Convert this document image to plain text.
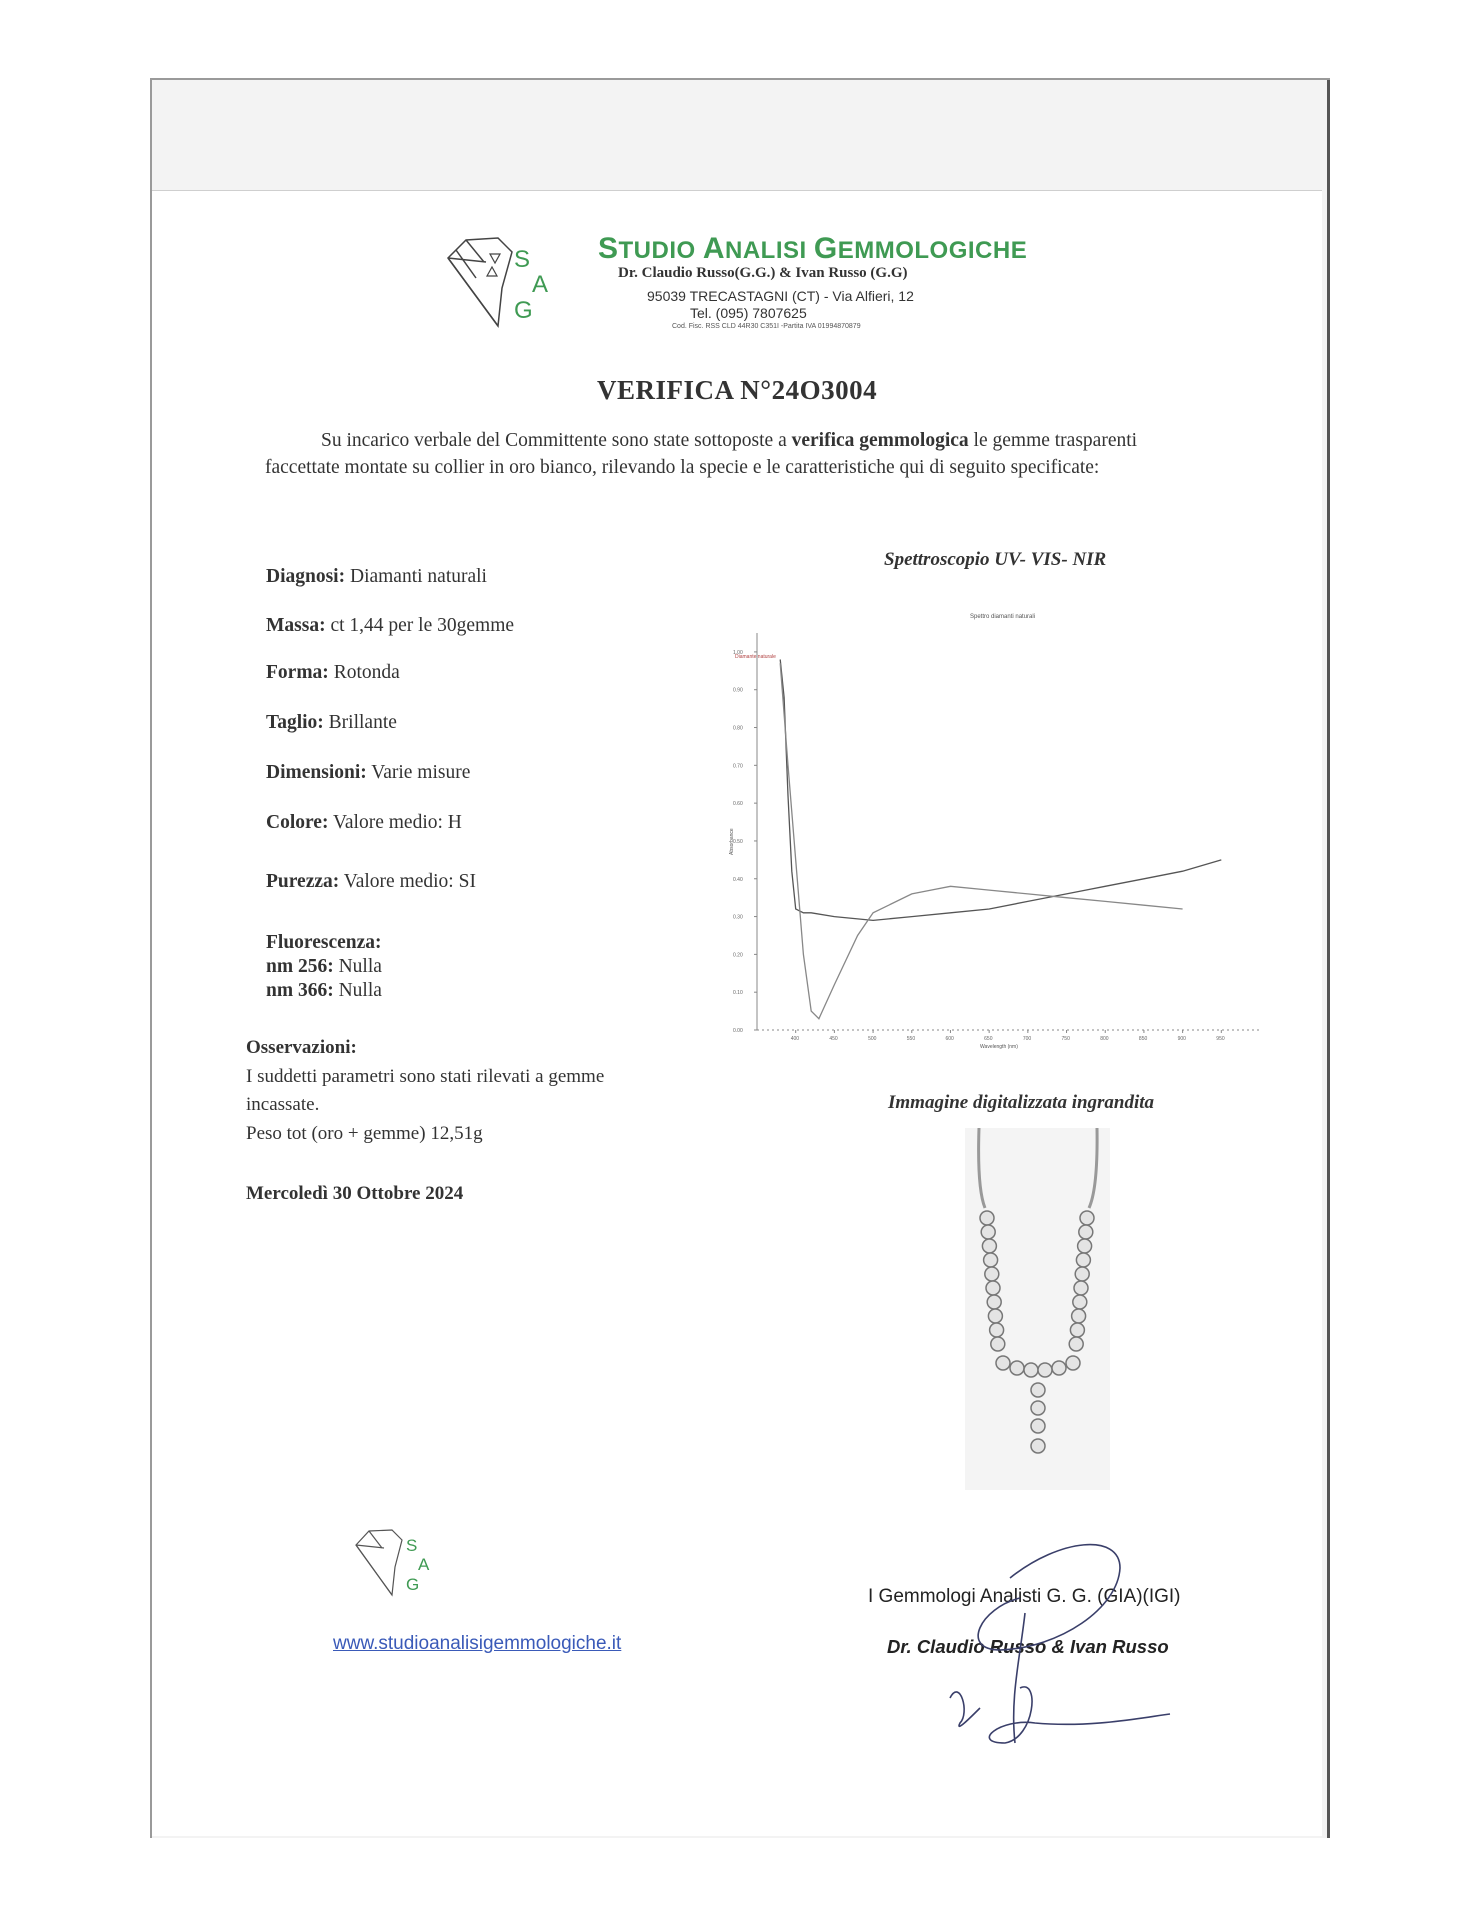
S
A
G
STUDIO ANALISI GEMMOLOGICHE
Dr. Claudio Russo(G.G.) & Ivan Russo (G.G)
95039 TRECASTAGNI (CT) - Via Alfieri, 12
Tel. (095) 7807625
Cod. Fisc. RSS CLD 44R30 C351I -Partita IVA 01994870879
VERIFICA N°24O3004
Su incarico verbale del Committente sono state sottoposte a verifica gemmologica le gemme trasparenti
faccettate montate su collier in oro bianco, rilevando la specie e le caratteristiche qui di seguito specificate:
Diagnosi: Diamanti naturali
Massa: ct 1,44 per le 30gemme
Forma: Rotonda
Taglio: Brillante
Dimensioni: Varie misure
Colore: Valore medio: H
Purezza: Valore medio: SI
Fluorescenza:
nm 256: Nulla
nm 366: Nulla
Osservazioni:
I suddetti parametri sono stati rilevati a gemme
incassate.
Peso tot (oro + gemme) 12,51g
Mercoledì 30 Ottobre 2024
Spettroscopio UV- VIS- NIR
Spettro diamanti naturali
Diamante naturale
Absorbance
Wavelength (nm)
0.00
0.10
0.20
0.30
0.40
0.50
0.60
0.70
0.80
0.90
1.00
400	450	500	550	600	650	700	750	800	850	900	950
Immagine digitalizzata ingrandita
S
A
G
www.studioanalisigemmologiche.it
I Gemmologi Analisti G. G. (GIA)(IGI)
Dr. Claudio Russo & Ivan Russo
